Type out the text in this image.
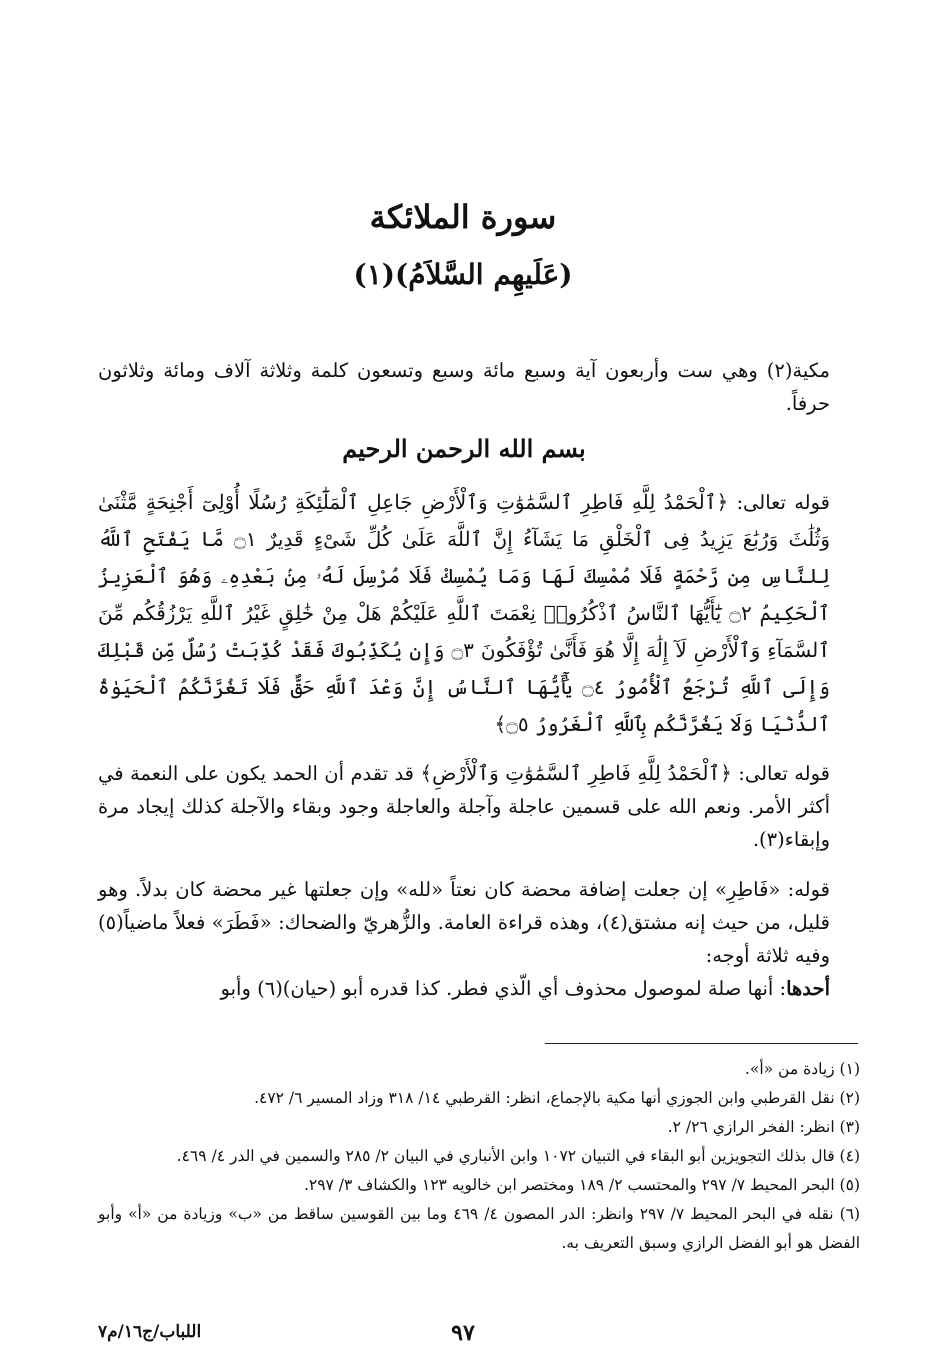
سورة الملائكة
(عَلَيهِم السَّلاَمُ)(١)

مكية(٢) وهي ست وأربعون آية وسبع مائة وسبع وتسعون كلمة وثلاثة آلاف ومائة وثلاثون حرفاً.

بسم الله الرحمن الرحيم

قوله تعالى: ﴿ٱلْحَمْدُ لِلَّهِ فَاطِرِ ٱلسَّمَٰوَٰتِ وَٱلْأَرْضِ جَاعِلِ ٱلْمَلَٰٓئِكَةِ رُسُلًا أُوْلِىٓ أَجْنِحَةٍ مَّثْنَىٰ وَثُلَٰثَ وَرُبَٰعَ يَزِيدُ فِى ٱلْخَلْقِ مَا يَشَآءُ إِنَّ ٱللَّهَ عَلَىٰ كُلِّ شَىْءٍ قَدِيرٌ ۝١ مَّا يَفْتَحِ ٱللَّهُ لِلنَّاسِ مِن رَّحْمَةٍ فَلَا مُمْسِكَ لَهَا وَمَا يُمْسِكْ فَلَا مُرْسِلَ لَهُۥ مِنۢ بَعْدِهِۦ وَهُوَ ٱلْعَزِيزُ ٱلْحَكِيمُ ۝٢ يَٰٓأَيُّهَا ٱلنَّاسُ ٱذْكُرُوا۟ نِعْمَتَ ٱللَّهِ عَلَيْكُمْ هَلْ مِنْ خَٰلِقٍ غَيْرُ ٱللَّهِ يَرْزُقُكُم مِّنَ ٱلسَّمَآءِ وَٱلْأَرْضِ لَآ إِلَٰهَ إِلَّا هُوَ فَأَنَّىٰ تُؤْفَكُونَ ۝٣ وَإِن يُكَذِّبُوكَ فَقَدْ كُذِّبَتْ رُسُلٌ مِّن قَبْلِكَ وَإِلَى ٱللَّهِ تُرْجَعُ ٱلْأُمُورُ ۝٤ يَٰٓأَيُّهَا ٱلنَّاسُ إِنَّ وَعْدَ ٱللَّهِ حَقٌّ فَلَا تَغُرَّنَّكُمُ ٱلْحَيَوٰةُ ٱلدُّنْيَا وَلَا يَغُرَّنَّكُم بِٱللَّهِ ٱلْغَرُورُ ۝٥﴾

قوله تعالى: ﴿ٱلْحَمْدُ لِلَّهِ فَاطِرِ ٱلسَّمَٰوَٰتِ وَٱلْأَرْضِ﴾ قد تقدم أن الحمد يكون على النعمة في أكثر الأمر. ونعم الله على قسمين عاجلة وآجلة والعاجلة وجود وبقاء والآجلة كذلك إيجاد مرة وإبقاء(٣).

قوله: «فَاطِرِ» إن جعلت إضافة محضة كان نعتاً «لله» وإن جعلتها غير محضة كان بدلاً. وهو قليل، من حيث إنه مشتق(٤)، وهذه قراءة العامة. والزُّهريّ والضحاك: «فَطَرَ» فعلاً ماضياً(٥) وفيه ثلاثة أوجه:

أحدها: أنها صلة لموصول محذوف أي الّذي فطر. كذا قدره أبو (حيان)(٦) وأبو

(١) زيادة من «أ».

(٢) نقل القرطبي وابن الجوزي أنها مكية بالإجماع، انظر: القرطبي ١٤/ ٣١٨ وزاد المسير ٦/ ٤٧٢.

(٣) انظر: الفخر الرازي ٢٦/ ٢.

(٤) قال بذلك التجويزين أبو البقاء في التبيان ١٠٧٢ وابن الأنباري في البيان ٢/ ٢٨٥ والسمين في الدر ٤/ ٤٦٩.

(٥) البحر المحيط ٧/ ٢٩٧ والمحتسب ٢/ ١٨٩ ومختصر ابن خالويه ١٢٣ والكشاف ٣/ ٢٩٧.

(٦) نقله في البحر المحيط ٧/ ٢٩٧ وانظر: الدر المصون ٤/ ٤٦٩ وما بين القوسين ساقط من «ب» وزيادة من «أ» وأبو الفضل هو أبو الفضل الرازي وسبق التعريف به.

٩٧
اللباب/ج١٦/م٧
